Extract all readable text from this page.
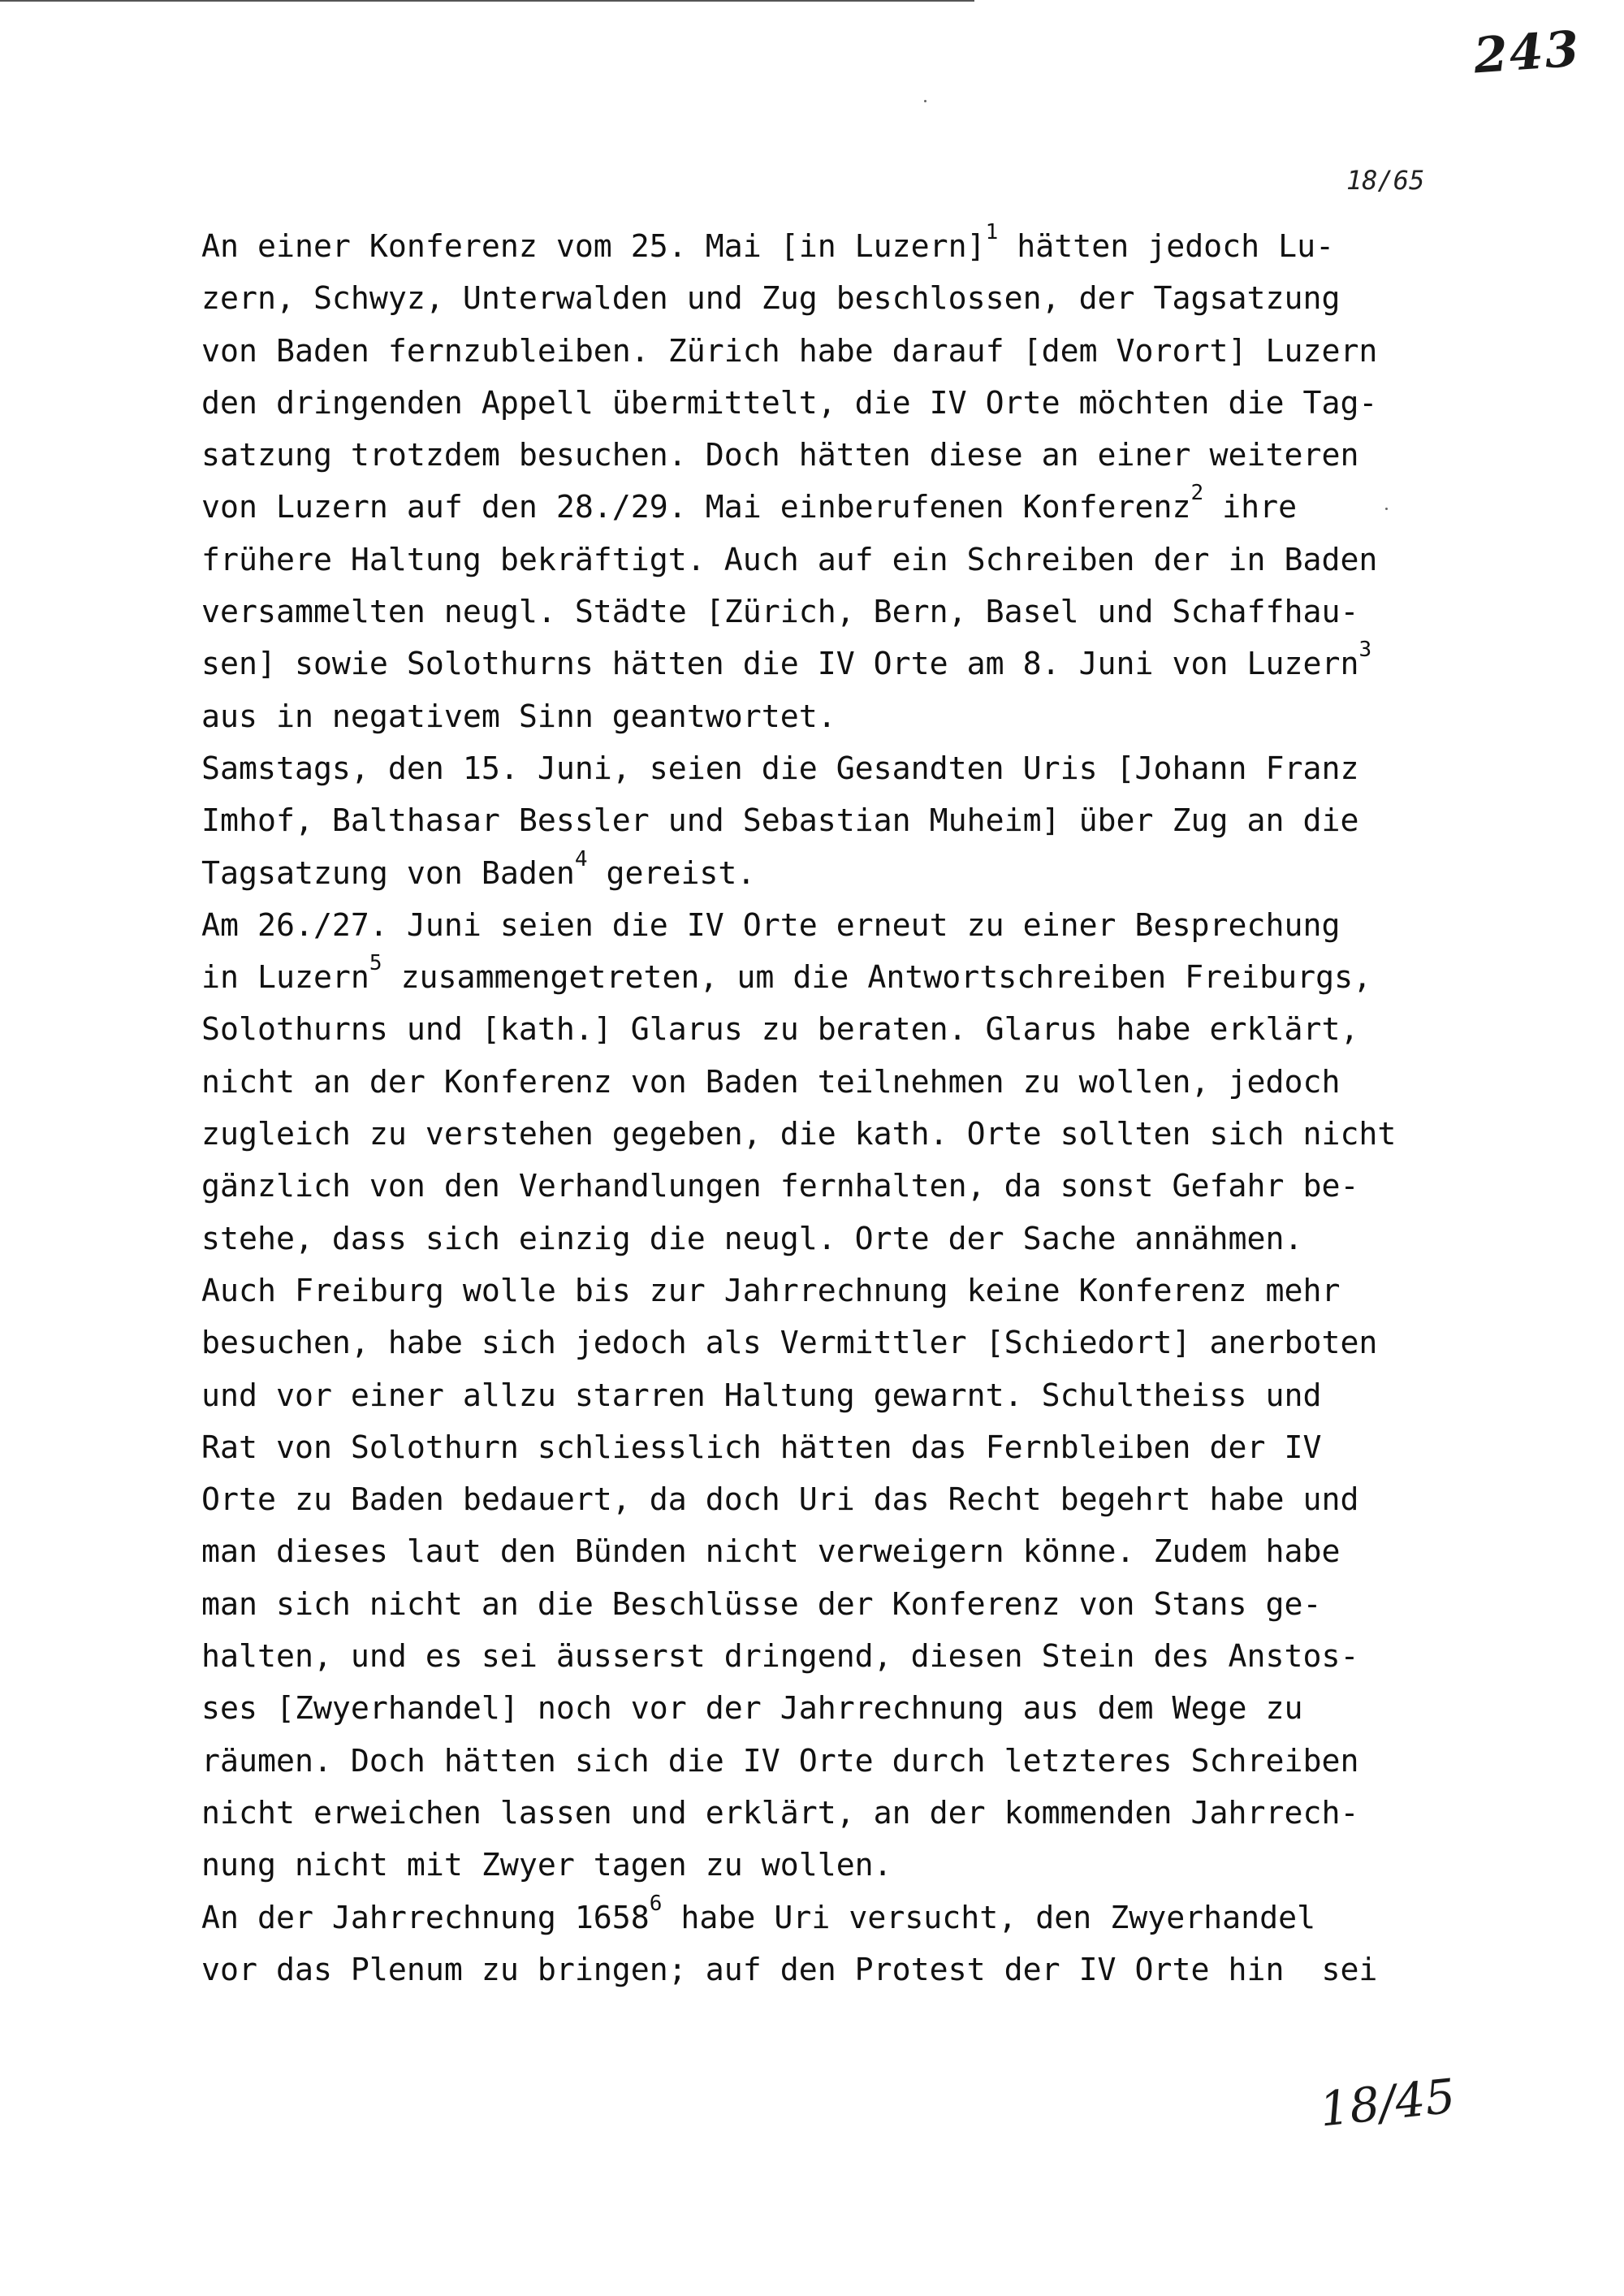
243
18/65
An einer Konferenz vom 25. Mai [in Luzern]$^1$ hätten jedoch Lu-
zern, Schwyz, Unterwalden und Zug beschlossen, der Tagsatzung
von Baden fernzubleiben. Zürich habe darauf [dem Vorort] Luzern
den dringenden Appell übermittelt, die IV Orte möchten die Tag-
satzung trotzdem besuchen. Doch hätten diese an einer weiteren
von Luzern auf den 28./29. Mai einberufenen Konferenz$^2$ ihre
frühere Haltung bekräftigt. Auch auf ein Schreiben der in Baden
versammelten neugl. Städte [Zürich, Bern, Basel und Schaffhau-
sen] sowie Solothurns hätten die IV Orte am 8. Juni von Luzern$^3$
aus in negativem Sinn geantwortet.
Samstags, den 15. Juni, seien die Gesandten Uris [Johann Franz
Imhof, Balthasar Bessler und Sebastian Muheim] über Zug an die
Tagsatzung von Baden$^4$ gereist.
Am 26./27. Juni seien die IV Orte erneut zu einer Besprechung
in Luzern$^5$ zusammengetreten, um die Antwortschreiben Freiburgs,
Solothurns und [kath.] Glarus zu beraten. Glarus habe erklärt,
nicht an der Konferenz von Baden teilnehmen zu wollen, jedoch
zugleich zu verstehen gegeben, die kath. Orte sollten sich nicht
gänzlich von den Verhandlungen fernhalten, da sonst Gefahr be-
stehe, dass sich einzig die neugl. Orte der Sache annähmen.
Auch Freiburg wolle bis zur Jahrrechnung keine Konferenz mehr
besuchen, habe sich jedoch als Vermittler [Schiedort] anerboten
und vor einer allzu starren Haltung gewarnt. Schultheiss und
Rat von Solothurn schliesslich hätten das Fernbleiben der IV
Orte zu Baden bedauert, da doch Uri das Recht begehrt habe und
man dieses laut den Bünden nicht verweigern könne. Zudem habe
man sich nicht an die Beschlüsse der Konferenz von Stans ge-
halten, und es sei äusserst dringend, diesen Stein des Anstos-
ses [Zwyerhandel] noch vor der Jahrrechnung aus dem Wege zu
räumen. Doch hätten sich die IV Orte durch letzteres Schreiben
nicht erweichen lassen und erklärt, an der kommenden Jahrrech-
nung nicht mit Zwyer tagen zu wollen.
An der Jahrrechnung 1658$^6$ habe Uri versucht, den Zwyerhandel
vor das Plenum zu bringen; auf den Protest der IV Orte hin  sei
18/45
